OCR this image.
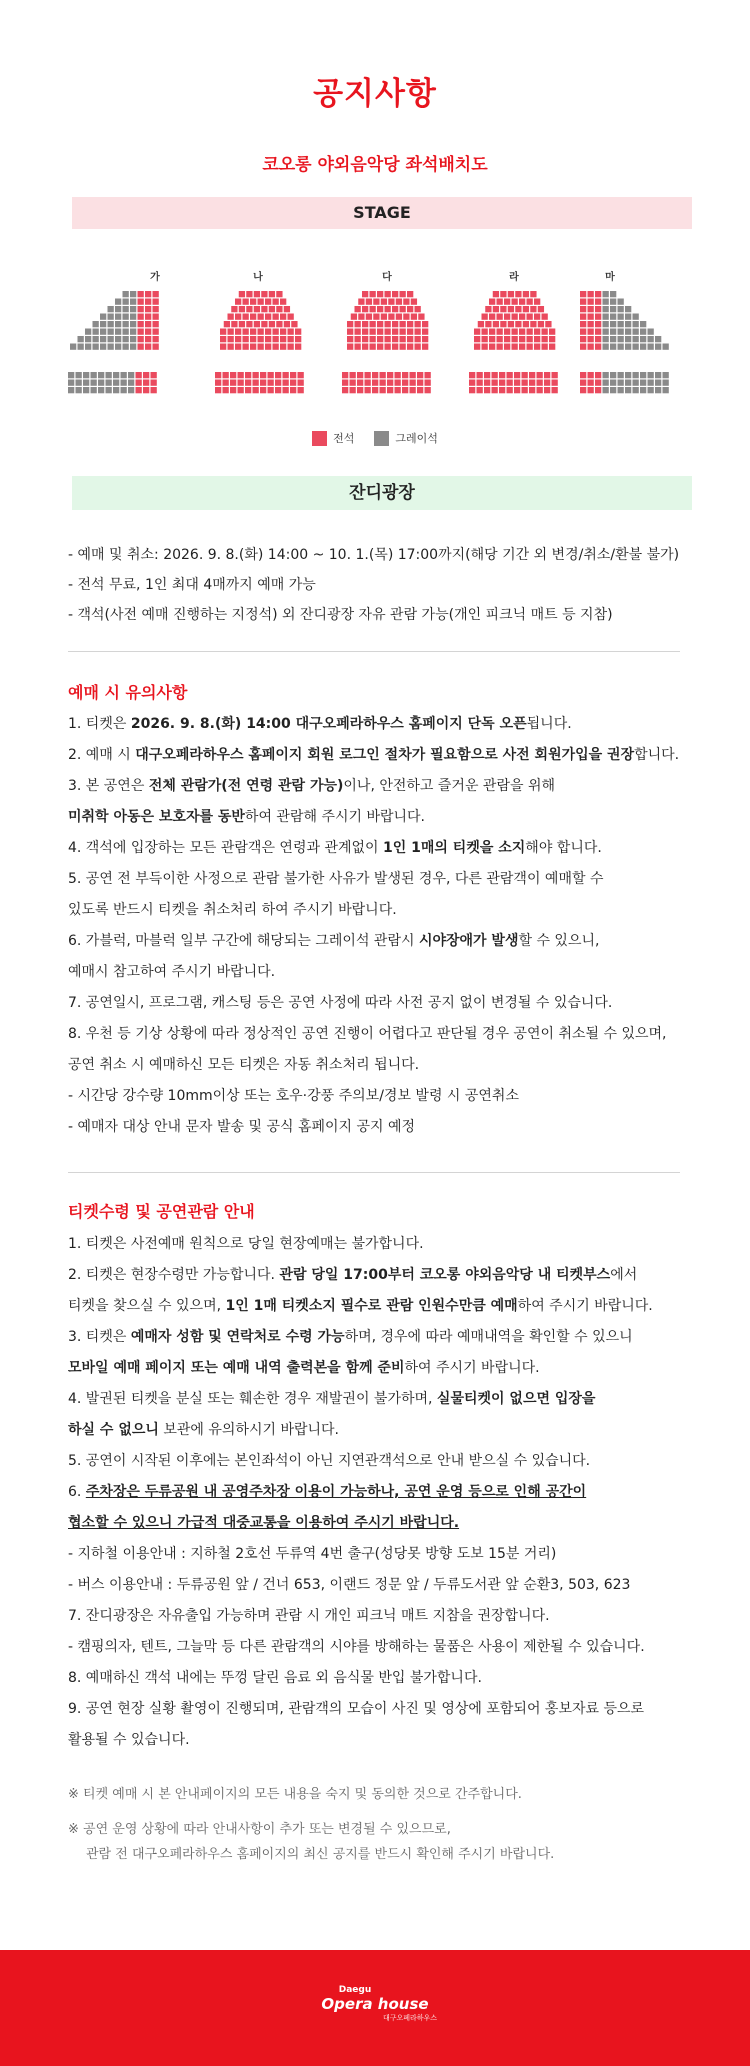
공지사항
코오롱 야외음악당 좌석배치도
STAGE
가	나	다	라	마
전석	그레이석
잔디광장

- 예매 및 취소: 2026. 9. 8.(화) 14:00 ~ 10. 1.(목) 17:00까지(해당 기간 외 변경/취소/환불 불가)

- 전석 무료, 1인 최대 4매까지 예매 가능

- 객석(사전 예매 진행하는 지정석) 외 잔디광장 자유 관람 가능(개인 피크닉 매트 등 지참)

예매 시 유의사항

1. 티켓은 2026. 9. 8.(화) 14:00 대구오페라하우스 홈페이지 단독 오픈됩니다.

2. 예매 시 대구오페라하우스 홈페이지 회원 로그인 절차가 필요함으로 사전 회원가입을 권장합니다.

3. 본 공연은 전체 관람가(전 연령 관람 가능)이나, 안전하고 즐거운 관람을 위해

미취학 아동은 보호자를 동반하여 관람해 주시기 바랍니다.

4. 객석에 입장하는 모든 관람객은 연령과 관계없이 1인 1매의 티켓을 소지해야 합니다.

5. 공연 전 부득이한 사정으로 관람 불가한 사유가 발생된 경우, 다른 관람객이 예매할 수

있도록 반드시 티켓을 취소처리 하여 주시기 바랍니다.

6. 가블럭, 마블럭 일부 구간에 해당되는 그레이석 관람시 시야장애가 발생할 수 있으니,

예매시 참고하여 주시기 바랍니다.

7. 공연일시, 프로그램, 캐스팅 등은 공연 사정에 따라 사전 공지 없이 변경될 수 있습니다.

8. 우천 등 기상 상황에 따라 정상적인 공연 진행이 어렵다고 판단될 경우 공연이 취소될 수 있으며,

공연 취소 시 예매하신 모든 티켓은 자동 취소처리 됩니다.

- 시간당 강수량 10mm이상 또는 호우·강풍 주의보/경보 발령 시 공연취소

- 예매자 대상 안내 문자 발송 및 공식 홈페이지 공지 예정

티켓수령 및 공연관람 안내

1. 티켓은 사전예매 원칙으로 당일 현장예매는 불가합니다.

2. 티켓은 현장수령만 가능합니다. 관람 당일 17:00부터 코오롱 야외음악당 내 티켓부스에서

티켓을 찾으실 수 있으며, 1인 1매 티켓소지 필수로 관람 인원수만큼 예매하여 주시기 바랍니다.

3. 티켓은 예매자 성함 및 연락처로 수령 가능하며, 경우에 따라 예매내역을 확인할 수 있으니

모바일 예매 페이지 또는 예매 내역 출력본을 함께 준비하여 주시기 바랍니다.

4. 발권된 티켓을 분실 또는 훼손한 경우 재발권이 불가하며, 실물티켓이 없으면 입장을

하실 수 없으니 보관에 유의하시기 바랍니다.

5. 공연이 시작된 이후에는 본인좌석이 아닌 지연관객석으로 안내 받으실 수 있습니다.

6. 주차장은 두류공원 내 공영주차장 이용이 가능하나, 공연 운영 등으로 인해 공간이

협소할 수 있으니 가급적 대중교통을 이용하여 주시기 바랍니다.

- 지하철 이용안내 : 지하철 2호선 두류역 4번 출구(성당못 방향 도보 15분 거리)

- 버스 이용안내 : 두류공원 앞 / 건너 653, 이랜드 정문 앞 / 두류도서관 앞 순환3, 503, 623

7. 잔디광장은 자유출입 가능하며 관람 시 개인 피크닉 매트 지참을 권장합니다.

- 캠핑의자, 텐트, 그늘막 등 다른 관람객의 시야를 방해하는 물품은 사용이 제한될 수 있습니다.

8. 예매하신 객석 내에는 뚜껑 달린 음료 외 음식물 반입 불가합니다.

9. 공연 현장 실황 촬영이 진행되며, 관람객의 모습이 사진 및 영상에 포함되어 홍보자료 등으로

활용될 수 있습니다.

※ 티켓 예매 시 본 안내페이지의 모든 내용을 숙지 및 동의한 것으로 간주합니다.

※ 공연 운영 상황에 따라 안내사항이 추가 또는 변경될 수 있으므로,

관람 전 대구오페라하우스 홈페이지의 최신 공지를 반드시 확인해 주시기 바랍니다.

Daegu
Opera house
대구오페라하우스
